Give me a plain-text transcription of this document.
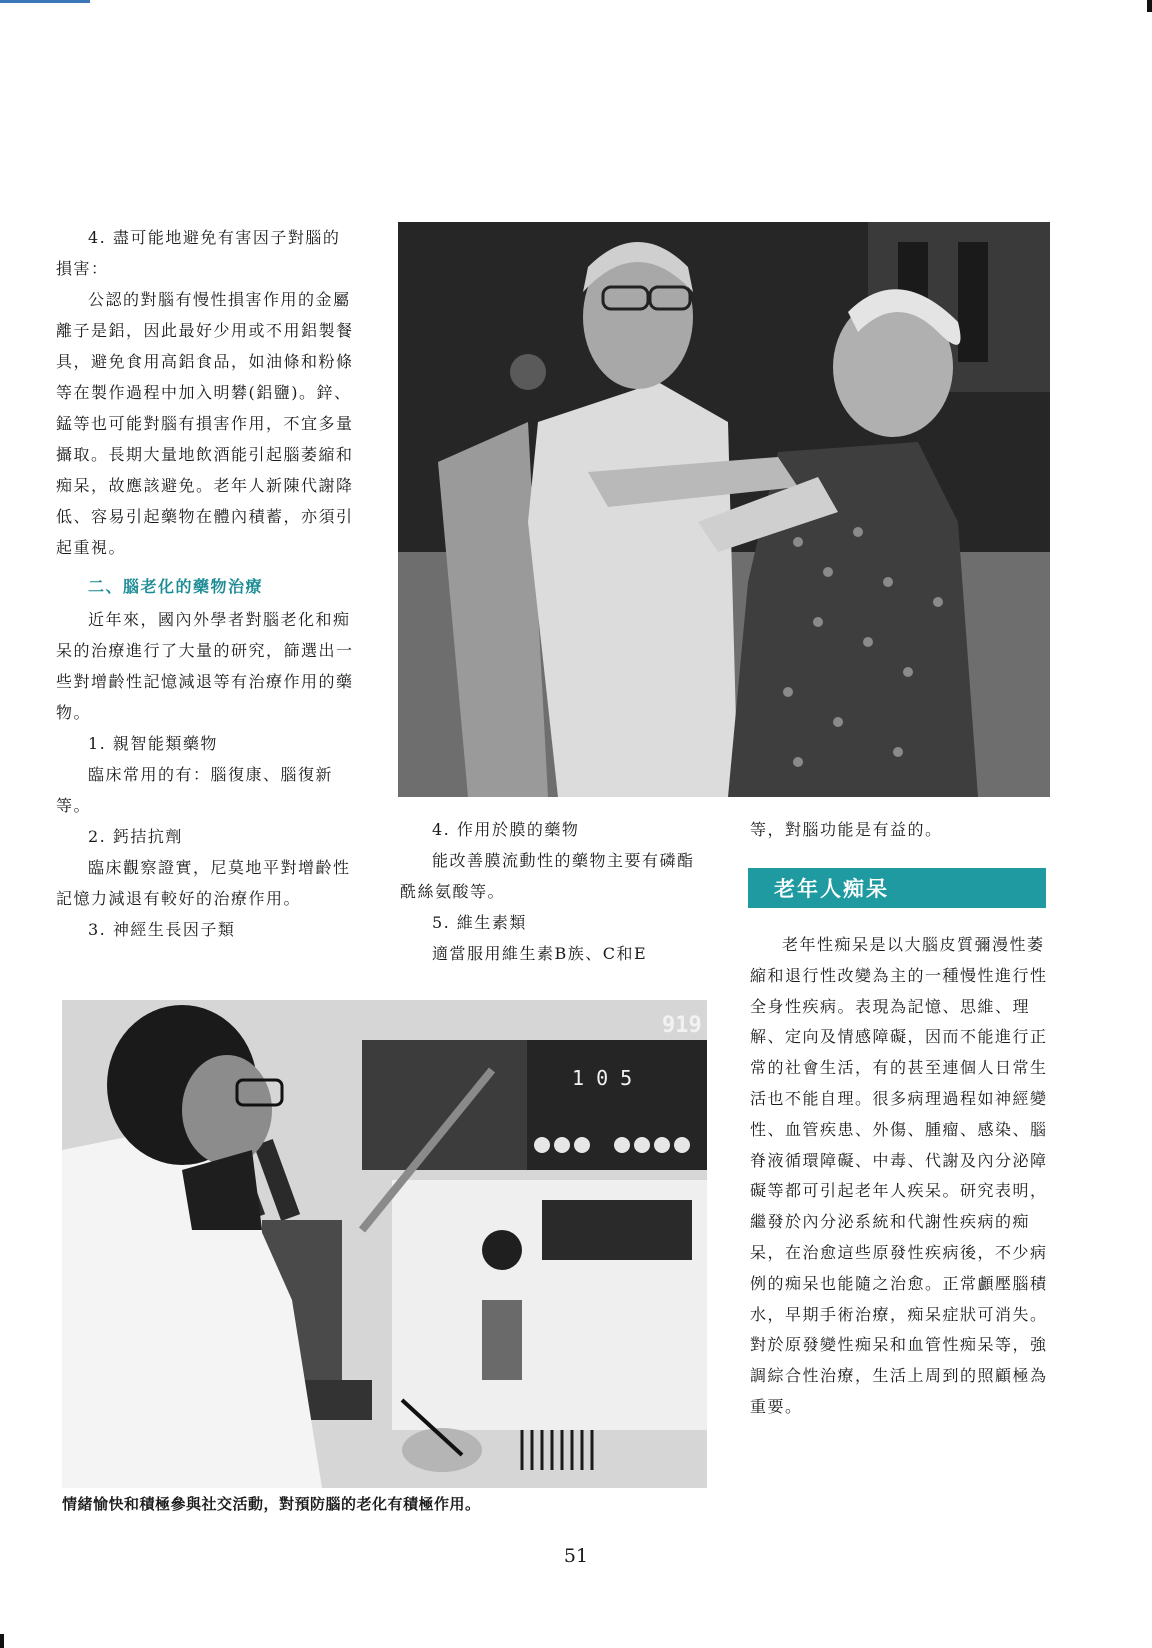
4. 盡可能地避免有害因子對腦的損害：

公認的對腦有慢性損害作用的金屬離子是鋁，因此最好少用或不用鋁製餐具，避免食用高鋁食品，如油條和粉條等在製作過程中加入明礬(鋁鹽)。鋅、錳等也可能對腦有損害作用，不宜多量攝取。長期大量地飲酒能引起腦萎縮和痴呆，故應該避免。老年人新陳代謝降低、容易引起藥物在體內積蓄，亦須引起重視。

二、腦老化的藥物治療

近年來，國內外學者對腦老化和痴呆的治療進行了大量的研究，篩選出一些對增齡性記憶減退等有治療作用的藥物。

1. 親智能類藥物

臨床常用的有：腦復康、腦復新等。

2. 鈣拮抗劑

臨床觀察證實，尼莫地平對增齡性記憶力減退有較好的治療作用。

3. 神經生長因子類

4. 作用於膜的藥物

能改善膜流動性的藥物主要有磷酯酰絲氨酸等。

5. 維生素類

適當服用維生素B族、C和E

等，對腦功能是有益的。

老年人痴呆

老年性痴呆是以大腦皮質彌漫性萎縮和退行性改變為主的一種慢性進行性全身性疾病。表現為記憶、思維、理解、定向及情感障礙，因而不能進行正常的社會生活，有的甚至連個人日常生活也不能自理。很多病理過程如神經變性、血管疾患、外傷、腫瘤、感染、腦脊液循環障礙、中毒、代謝及內分泌障礙等都可引起老年人疾呆。研究表明，繼發於內分泌系統和代謝性疾病的痴呆，在治愈這些原發性疾病後，不少病例的痴呆也能隨之治愈。正常顱壓腦積水，早期手術治療，痴呆症狀可消失。對於原發變性痴呆和血管性痴呆等，強調綜合性治療，生活上周到的照顧極為重要。

919
1 0 5
情緒愉快和積極參與社交活動，對預防腦的老化有積極作用。
51
